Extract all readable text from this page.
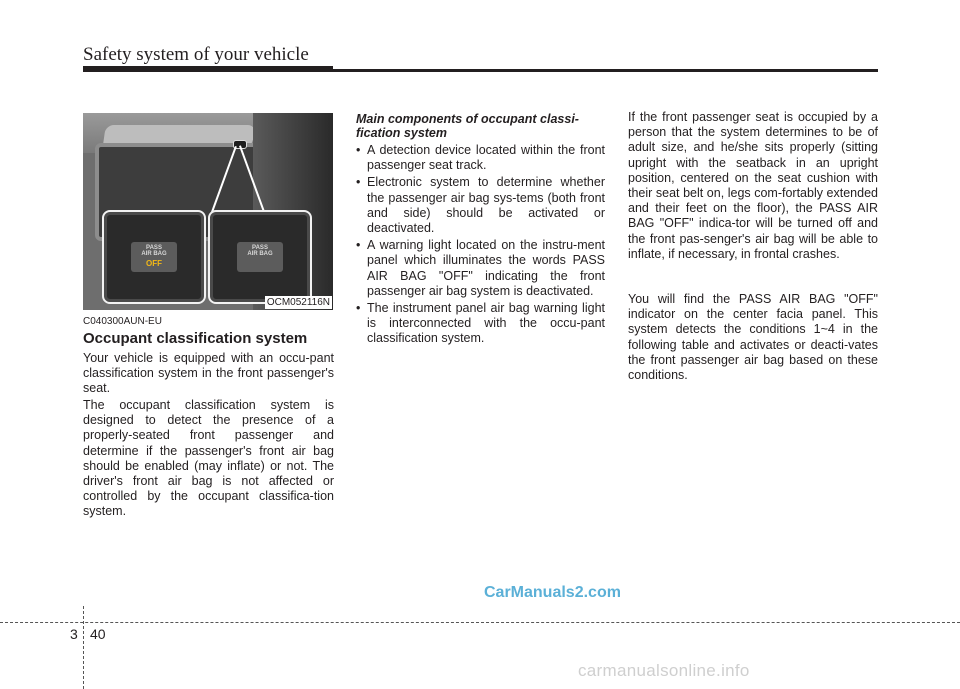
Safety system of your vehicle
PASS
AIR BAG
OFF
PASS
AIR BAG
OCM052116N
C040300AUN-EU
Occupant classification system
Your vehicle is equipped with an occu-pant classification system in the front passenger's seat.
The occupant classification system is designed to detect the presence of a properly-seated front passenger and determine if the passenger's front air bag should be enabled (may inflate) or not. The driver's front air bag is not affected or controlled by the occupant classifica-tion system.
Main components of occupant classi-fication system
• A detection device located within the front passenger seat track.
• Electronic system to determine whether the passenger air bag sys-tems (both front and side) should be activated or deactivated.
• A warning light located on the instru-ment panel which illuminates the words PASS AIR BAG "OFF" indicating the front passenger air bag system is deactivated.
• The instrument panel air bag warning light is interconnected with the occu-pant classification system.
If the front passenger seat is occupied by a person that the system determines to be of adult size, and he/she sits properly (sitting upright with the seatback in an upright position, centered on the seat cushion with their seat belt on, legs com-fortably extended and their feet on the floor), the PASS AIR BAG "OFF" indica-tor will be turned off and the front pas-senger's air bag will be able to inflate, if necessary, in frontal crashes.
You will find the PASS AIR BAG "OFF" indicator on the center facia panel. This system detects the conditions 1~4 in the following table and activates or deacti-vates the front passenger air bag based on these conditions.
CarManuals2.com
3 40
carmanualsonline.info
